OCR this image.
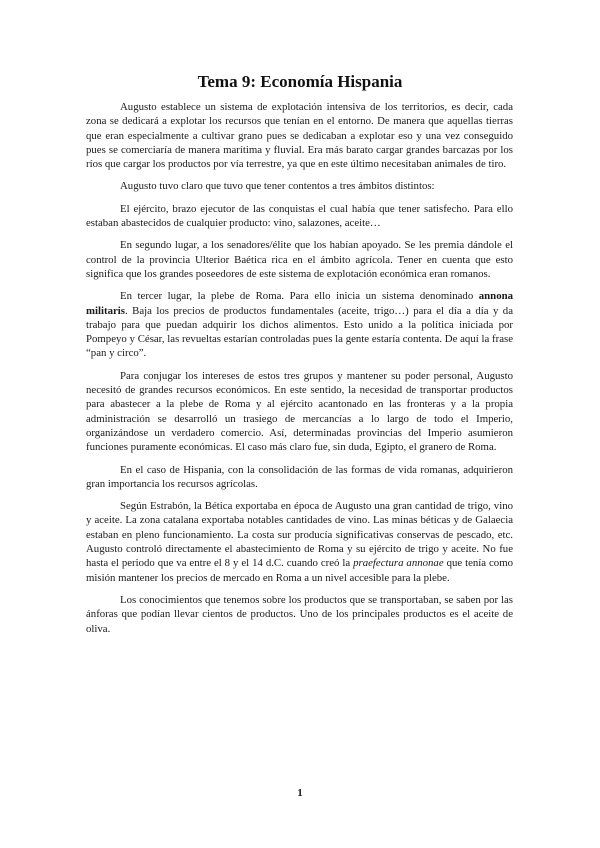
Tema 9: Economía Hispania

Augusto establece un sistema de explotación intensiva de los territorios, es decir, cada zona se dedicará a explotar los recursos que tenían en el entorno. De manera que aquellas tierras que eran especialmente a cultivar grano pues se dedicaban a explotar eso y una vez conseguido pues se comerciaría de manera marítima y fluvial. Era más barato cargar grandes barcazas por los ríos que cargar los productos por vía terrestre, ya que en este último necesitaban animales de tiro.

Augusto tuvo claro que tuvo que tener contentos a tres ámbitos distintos:

El ejército, brazo ejecutor de las conquistas el cual había que tener satisfecho. Para ello estaban abastecidos de cualquier producto: vino, salazones, aceite…

En segundo lugar, a los senadores/élite que los habían apoyado. Se les premia dándole el control de la provincia Ulterior Baética rica en el ámbito agrícola. Tener en cuenta que esto significa que los grandes poseedores de este sistema de explotación económica eran romanos.

En tercer lugar, la plebe de Roma. Para ello inicia un sistema denominado annona militaris. Baja los precios de productos fundamentales (aceite, trigo…) para el día a día y da trabajo para que puedan adquirir los dichos alimentos. Esto unido a la política iniciada por Pompeyo y César, las revueltas estarían controladas pues la gente estaría contenta. De aquí la frase “pan y circo”.

Para conjugar los intereses de estos tres grupos y mantener su poder personal, Augusto necesitó de grandes recursos económicos. En este sentido, la necesidad de transportar productos para abastecer a la plebe de Roma y al ejército acantonado en las fronteras y a la propia administración se desarrolló un trasiego de mercancías a lo largo de todo el Imperio, organizándose un verdadero comercio. Así, determinadas provincias del Imperio asumieron funciones puramente económicas. El caso más claro fue, sin duda, Egipto, el granero de Roma.

En el caso de Hispania, con la consolidación de las formas de vida romanas, adquirieron gran importancia los recursos agrícolas.

Según Estrabón, la Bética exportaba en época de Augusto una gran cantidad de trigo, vino y aceite. La zona catalana exportaba notables cantidades de vino. Las minas béticas y de Galaecia estaban en pleno funcionamiento. La costa sur producía significativas conservas de pescado, etc. Augusto controló directamente el abastecimiento de Roma y su ejército de trigo y aceite. No fue hasta el periodo que va entre el 8 y el 14 d.C. cuando creó la praefectura annonae que tenía como misión mantener los precios de mercado en Roma a un nivel accesible para la plebe.

Los conocimientos que tenemos sobre los productos que se transportaban, se saben por las ánforas que podían llevar cientos de productos. Uno de los principales productos es el aceite de oliva.

1
